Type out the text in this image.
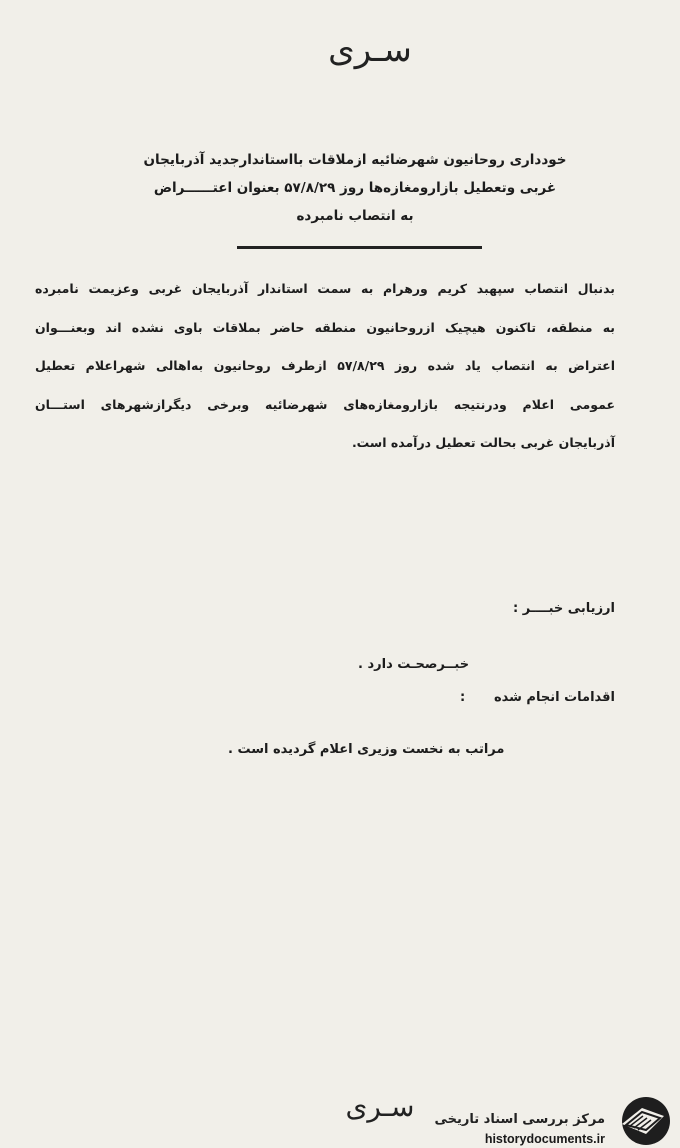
سـری
خودداری روحانیون شهرضائیه ازملاقات بااستاندارجدید آذربایجان
غربی وتعطیل بازارومغازه‌ها روز ۵۷/۸/۲۹ بعنوان اعتــــــراض
به انتصاب نامبرده
بدنبال انتصاب سپهبد کریم ورهرام به سمت استاندار آذربایجان غربی وعزیمت نامبرده
به منطقه، تاکنون هیچیک ازروحانیون منطقه حاضر بملاقات باوی نشده اند وبعنـــوان
اعتراض به انتصاب یاد شده روز ۵۷/۸/۲۹ ازطرف روحانیون به‌اهالی شهراعلام تعطیل
عمومی اعلام ودرنتیجه بازارومغازه‌های شهرضائیه وبرخی دیگرازشهرهای استـــان
آذربایجان غربی بحالت تعطیل درآمده است.
ارزیابی خبــــر :
خبــرصحـت دارد .
اقدامات انجام شده
:
مراتب به نخست وزیری اعلام گردیده است .
سـری	مرکز بررسی اسناد تاریخی
historydocuments.ir
